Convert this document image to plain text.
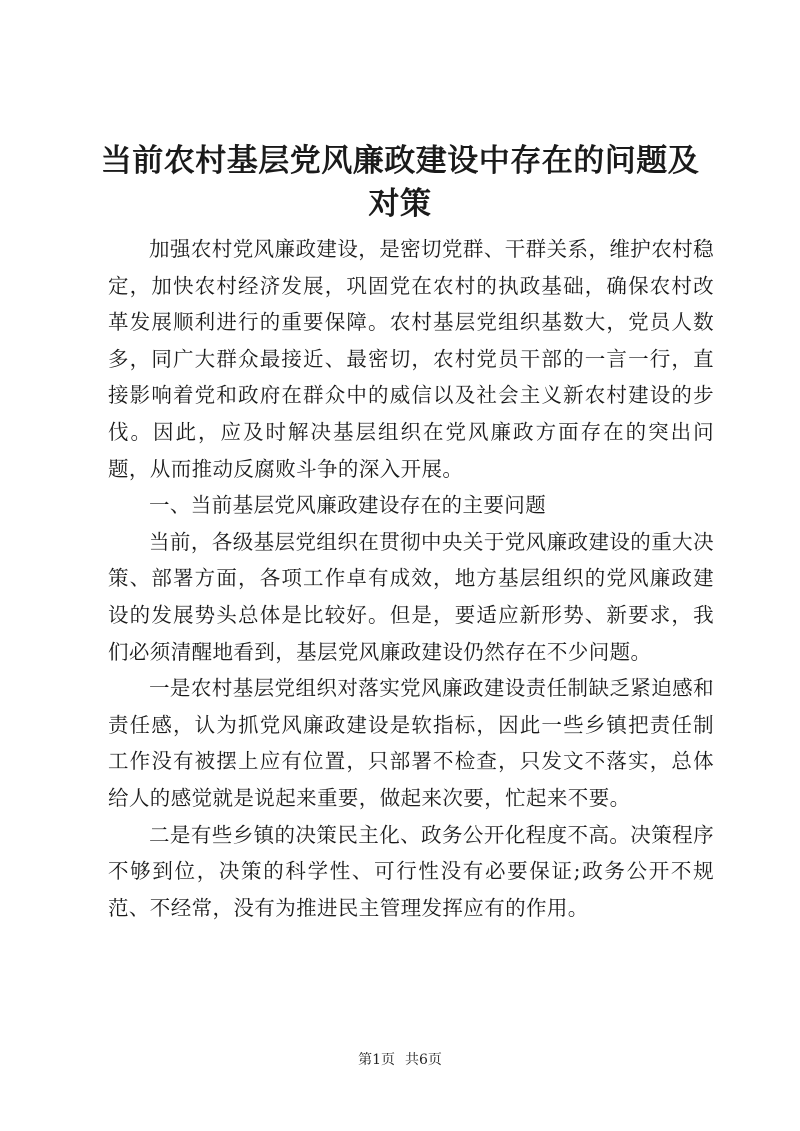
当前农村基层党风廉政建设中存在的问题及对策

加强农村党风廉政建设，是密切党群、干群关系，维护农村稳定，加快农村经济发展，巩固党在农村的执政基础，确保农村改革发展顺利进行的重要保障。农村基层党组织基数大，党员人数多，同广大群众最接近、最密切，农村党员干部的一言一行，直接影响着党和政府在群众中的威信以及社会主义新农村建设的步伐。因此，应及时解决基层组织在党风廉政方面存在的突出问题，从而推动反腐败斗争的深入开展。

一、当前基层党风廉政建设存在的主要问题

当前，各级基层党组织在贯彻中央关于党风廉政建设的重大决策、部署方面，各项工作卓有成效，地方基层组织的党风廉政建设的发展势头总体是比较好。但是，要适应新形势、新要求，我们必须清醒地看到，基层党风廉政建设仍然存在不少问题。

一是农村基层党组织对落实党风廉政建设责任制缺乏紧迫感和责任感，认为抓党风廉政建设是软指标，因此一些乡镇把责任制工作没有被摆上应有位置，只部署不检查，只发文不落实，总体给人的感觉就是说起来重要，做起来次要，忙起来不要。

二是有些乡镇的决策民主化、政务公开化程度不高。决策程序不够到位，决策的科学性、可行性没有必要保证;政务公开不规范、不经常，没有为推进民主管理发挥应有的作用。

第1页 共6页
